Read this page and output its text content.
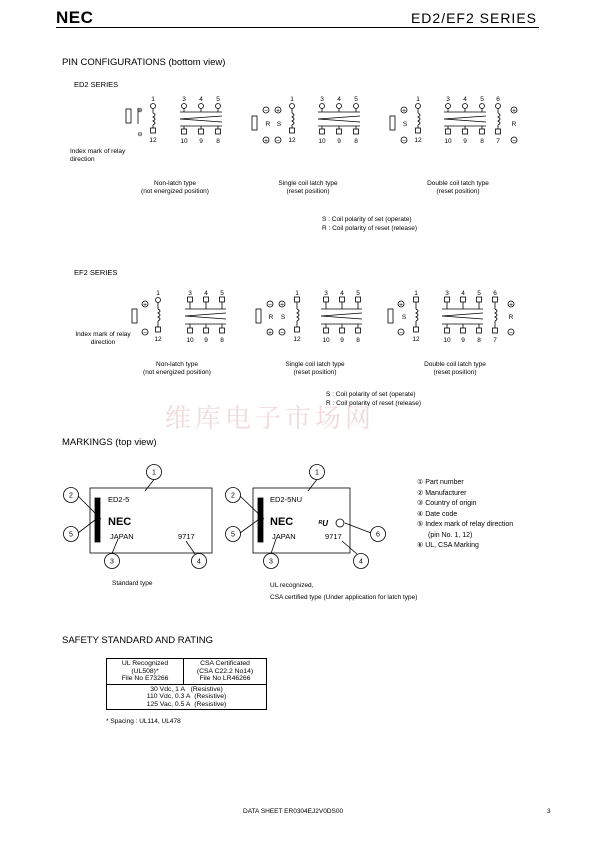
NEC	ED2/EF2 SERIES
PIN CONFIGURATIONS (bottom view)
ED2 SERIES
1
12
3 4 5
10 9 8
⊕
⊖
1
12
3 4 5
10 9 8
− +
+ −
R S
1
12
3 4 5 6
10 9 8 7
+
−
+
−
S	R
Index mark of relay direction
Non-latch type
(not energized position)
Single coil latch type
(reset position)
Double coil latch type
(reset position)
S : Coil polarity of set (operate)
R : Coil polarity of reset (release)
EF2 SERIES
1
12
3 4 5
10 9 8
+
−
1
12
3 4 5
10 9 8
− +
+ −
R S
1
12
3 4 5 6
10 9 8 7
+
−
+
−
S	R
Index mark of relay direction
Non-latch type
(not energized position)
Single coil latch type
(reset position)
Double coil latch type
(reset position)
S : Coil polarity of set (operate)
R : Coil polarity of reset (release)
维库电子市场网
MARKINGS (top view)
1
2
5
3	4
1
2
5
3	4
6
ED2-5
NEC
JAPAN	9717
ED2-5NU
NEC
JAPAN	9717
ᴿU
① Part number
② Manufacturer
③ Country of origin
④ Date code
⑤ Index mark of relay direction
(pin No. 1, 12)
⑥ UL, CSA Marking
Standard type	UL recognized,
CSA certified type (Under application for latch type)
SAFETY STANDARD AND RATING
UL Recognized
(UL508)*
File No E73266

CSA Certificated
(CSA C22.2 No14)
File No LR46266

30 Vdc, 1 A (Resistive)
110 Vdc, 0.3 A (Resistive)
125 Vac, 0.5 A (Resistive)
* Spacing : UL114, UL478
DATA SHEET ER0304EJ2V0DS00	3
